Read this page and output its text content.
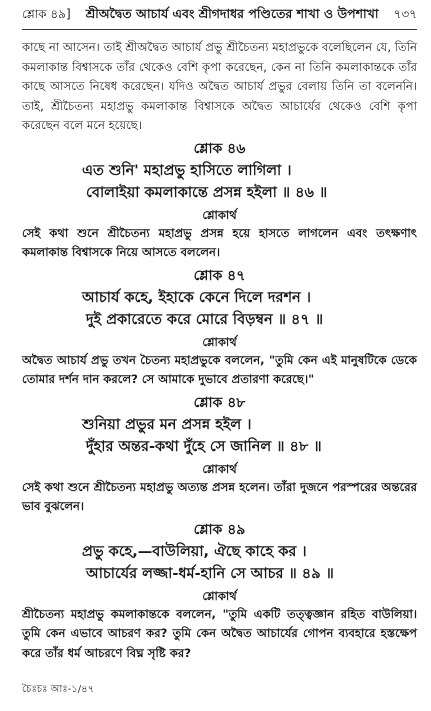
শ্লোক ৪৯] শ্রীঅদ্বৈত আচার্য এবং শ্রীগদাধর পণ্ডিতের শাখা ও উপশাখা ৭৩৭

কাছে না আসেন। তাই শ্রীঅদ্বৈত আচার্য প্রভু শ্রীচৈতন্য মহাপ্রভুকে বলেছিলেন যে, তিনি কমলাকান্ত বিশ্বাসকে তাঁর থেকেও বেশি কৃপা করেছেন, কেন না তিনি কমলাকান্তকে তাঁর কাছে আসতে নিষেধ করেছেন। যদিও অদ্বৈত আচার্য প্রভুর বেলায় তিনি তা বলেননি। তাই, শ্রীচৈতন্য মহাপ্রভু কমলাকান্ত বিশ্বাসকে অদ্বৈত আচার্যের থেকেও বেশি কৃপা করেছেন বলে মনে হয়েছে।

শ্লোক ৪৬

এত শুনি' মহাপ্রভু হাসিতে লাগিলা ।

বোলাইয়া কমলাকান্তে প্রসন্ন হইলা ॥ ৪৬ ॥

শ্লোকার্থ

সেই কথা শুনে শ্রীচৈতন্য মহাপ্রভু প্রসন্ন হয়ে হাসতে লাগলেন এবং তৎক্ষণাৎ কমলাকান্ত বিশ্বাসকে নিয়ে আসতে বললেন।

শ্লোক ৪৭

আচার্য কহে, ইহাকে কেনে দিলে দরশন ।

দুই প্রকারেতে করে মোরে বিড়ম্বন ॥ ৪৭ ॥

শ্লোকার্থ

অদ্বৈত আচার্য প্রভু তখন চৈতন্য মহাপ্রভুকে বললেন, "তুমি কেন এই মানুষটিকে ডেকে তোমার দর্শন দান করলে? সে আমাকে দুভাবে প্রতারণা করেছে।"

শ্লোক ৪৮

শুনিয়া প্রভুর মন প্রসন্ন হইল ।

দুঁহার অন্তর-কথা দুঁহে সে জানিল ॥ ৪৮ ॥

শ্লোকার্থ

সেই কথা শুনে শ্রীচৈতন্য মহাপ্রভু অত্যন্ত প্রসন্ন হলেন। তাঁরা দুজনে পরস্পরের অন্তরের ভাব বুঝলেন।

শ্লোক ৪৯

প্রভু কহে,—বাউলিয়া, ঐছে কাহে কর ।

আচার্যের লজ্জা-ধর্ম-হানি সে আচর ॥ ৪৯ ॥

শ্লোকার্থ

শ্রীচৈতন্য মহাপ্রভু কমলাকান্তকে বললেন, "তুমি একটি তত্ত্বজ্ঞান রহিত বাউলিয়া। তুমি কেন এভাবে আচরণ কর? তুমি কেন অদ্বৈত আচার্যের গোপন ব্যবহারে হস্তক্ষেপ করে তাঁর ধর্ম আচরণে বিঘ্ন সৃষ্টি কর?

চৈঃচঃ আঃ-১/৪৭
